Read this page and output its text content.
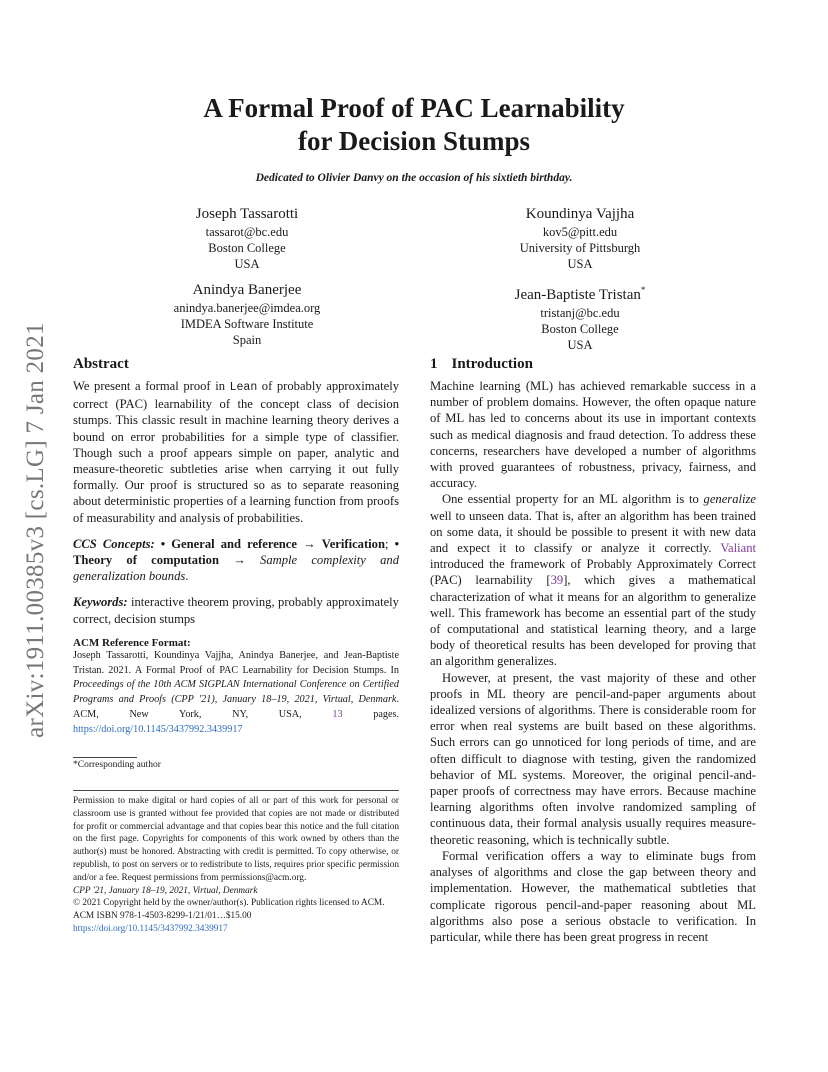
arXiv:1911.00385v3 [cs.LG] 7 Jan 2021
A Formal Proof of PAC Learnability
for Decision Stumps
Dedicated to Olivier Danvy on the occasion of his sixtieth birthday.
Joseph Tassarotti
tassarot@bc.edu
Boston College
USA
Koundinya Vajjha
kov5@pitt.edu
University of Pittsburgh
USA
Anindya Banerjee
anindya.banerjee@imdea.org
IMDEA Software Institute
Spain
Jean-Baptiste Tristan*
tristanj@bc.edu
Boston College
USA
Abstract

We present a formal proof in Lean of probably approximately correct (PAC) learnability of the concept class of decision stumps. This classic result in machine learning theory derives a bound on error probabilities for a simple type of classifier. Though such a proof appears simple on paper, analytic and measure-theoretic subtleties arise when carrying it out fully formally. Our proof is structured so as to separate reasoning about deterministic properties of a learning function from proofs of measurability and analysis of probabilities.

CCS Concepts: • General and reference → Verification; • Theory of computation → Sample complexity and generalization bounds.

Keywords: interactive theorem proving, probably approximately correct, decision stumps

ACM Reference Format:

Joseph Tassarotti, Koundinya Vajjha, Anindya Banerjee, and Jean-Baptiste Tristan. 2021. A Formal Proof of PAC Learnability for Decision Stumps. In Proceedings of the 10th ACM SIGPLAN International Conference on Certified Programs and Proofs (CPP '21), January 18–19, 2021, Virtual, Denmark. ACM, New York, NY, USA, 13 pages. https://doi.org/10.1145/3437992.3439917

*Corresponding author

Permission to make digital or hard copies of all or part of this work for personal or classroom use is granted without fee provided that copies are not made or distributed for profit or commercial advantage and that copies bear this notice and the full citation on the first page. Copyrights for components of this work owned by others than the author(s) must be honored. Abstracting with credit is permitted. To copy otherwise, or republish, to post on servers or to redistribute to lists, requires prior specific permission and/or a fee. Request permissions from permissions@acm.org.

CPP '21, January 18–19, 2021, Virtual, Denmark

© 2021 Copyright held by the owner/author(s). Publication rights licensed to ACM.

ACM ISBN 978-1-4503-8299-1/21/01…$15.00

https://doi.org/10.1145/3437992.3439917

1 Introduction

Machine learning (ML) has achieved remarkable success in a number of problem domains. However, the often opaque nature of ML has led to concerns about its use in important contexts such as medical diagnosis and fraud detection. To address these concerns, researchers have developed a number of algorithms with proved guarantees of robustness, privacy, fairness, and accuracy.

One essential property for an ML algorithm is to generalize well to unseen data. That is, after an algorithm has been trained on some data, it should be possible to present it with new data and expect it to classify or analyze it correctly. Valiant introduced the framework of Probably Approximately Correct (PAC) learnability [39], which gives a mathematical characterization of what it means for an algorithm to generalize well. This framework has become an essential part of the study of computational and statistical learning theory, and a large body of theoretical results has been developed for proving that an algorithm generalizes.

However, at present, the vast majority of these and other proofs in ML theory are pencil-and-paper arguments about idealized versions of algorithms. There is considerable room for error when real systems are built based on these algorithms. Such errors can go unnoticed for long periods of time, and are often difficult to diagnose with testing, given the randomized behavior of ML systems. Moreover, the original pencil-and-paper proofs of correctness may have errors. Because machine learning algorithms often involve randomized sampling of continuous data, their formal analysis usually requires measure-theoretic reasoning, which is technically subtle.

Formal verification offers a way to eliminate bugs from analyses of algorithms and close the gap between theory and implementation. However, the mathematical subtleties that complicate rigorous pencil-and-paper reasoning about ML algorithms also pose a serious obstacle to verification. In particular, while there has been great progress in recent
